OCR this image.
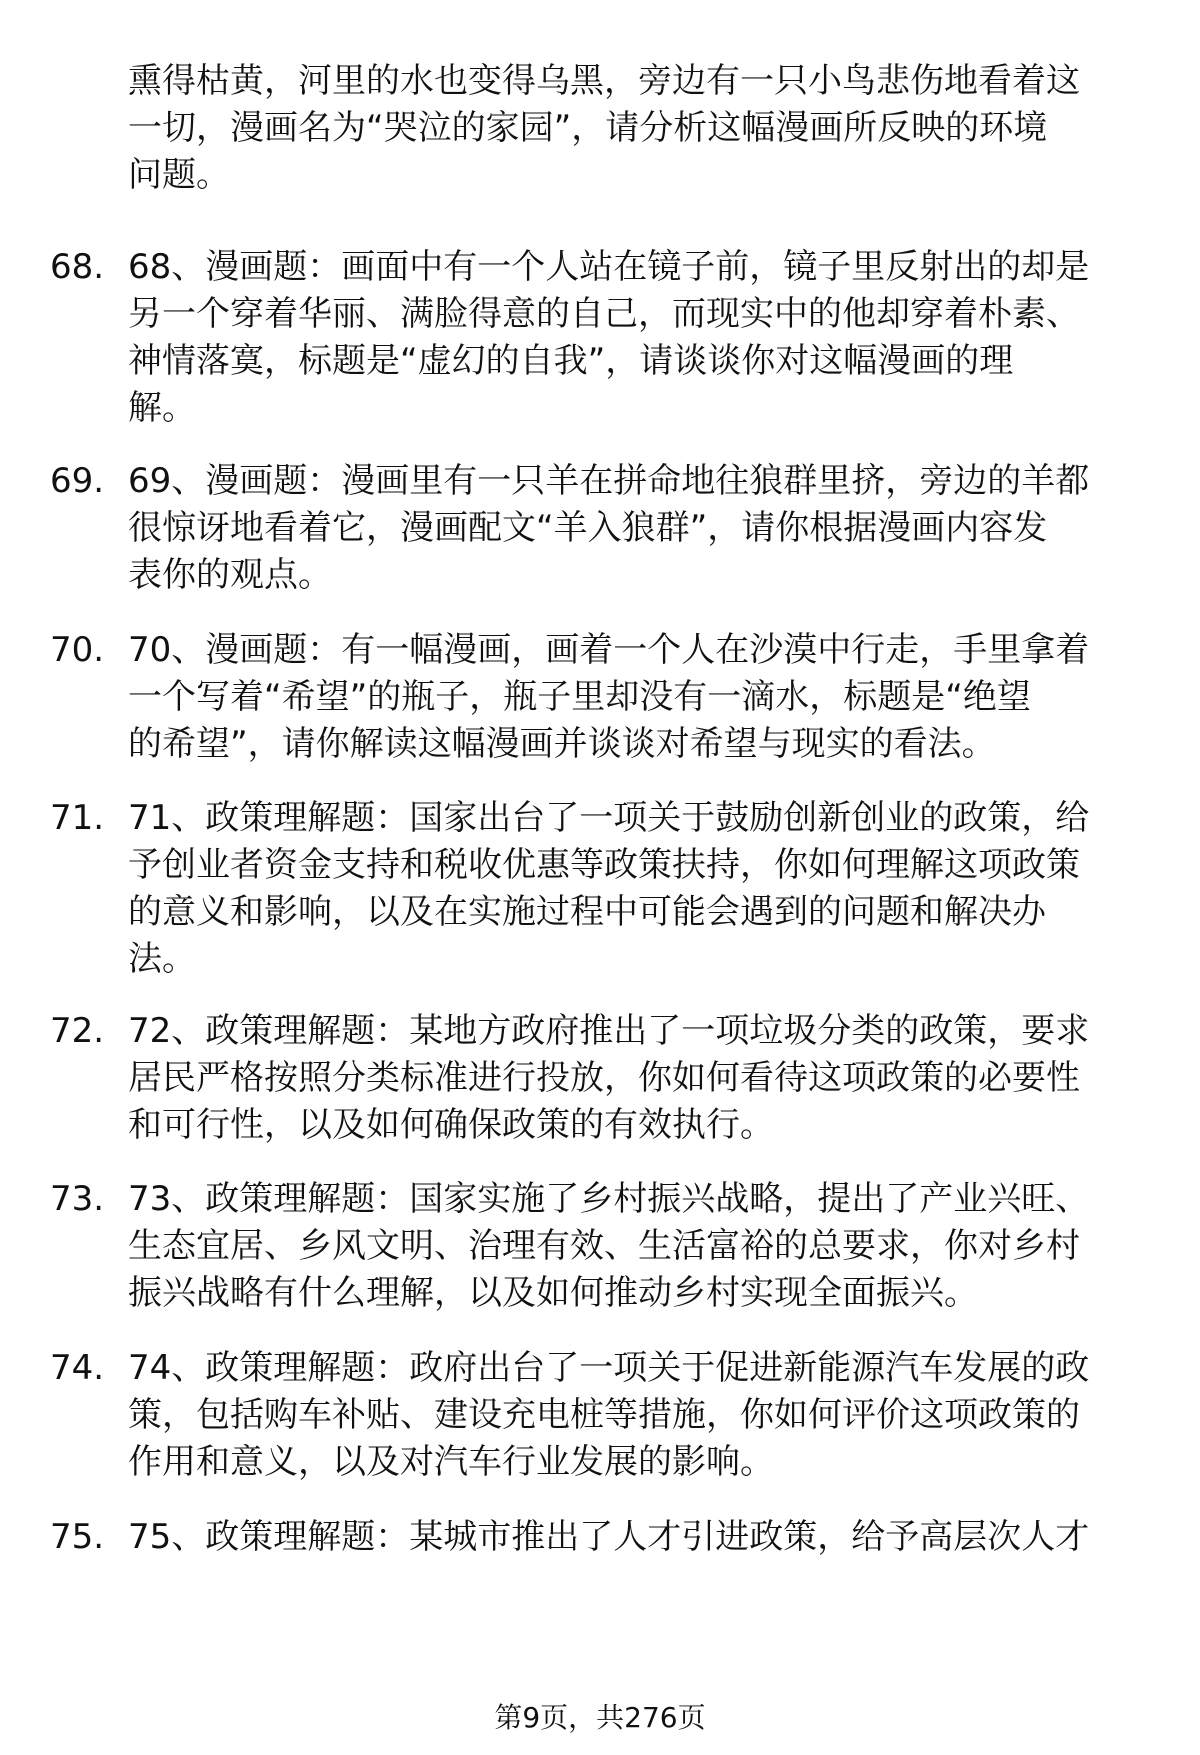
熏得枯黄，河里的水也变得乌黑，旁边有一只小鸟悲伤地看着这
一切，漫画名为“哭泣的家园”，请分析这幅漫画所反映的环境
问题。

68. 68、漫画题：画面中有一个人站在镜子前，镜子里反射出的却是
另一个穿着华丽、满脸得意的自己，而现实中的他却穿着朴素、
神情落寞，标题是“虚幻的自我”，请谈谈你对这幅漫画的理
解。

69. 69、漫画题：漫画里有一只羊在拼命地往狼群里挤，旁边的羊都
很惊讶地看着它，漫画配文“羊入狼群”，请你根据漫画内容发
表你的观点。

70. 70、漫画题：有一幅漫画，画着一个人在沙漠中行走，手里拿着
一个写着“希望”的瓶子，瓶子里却没有一滴水，标题是“绝望
的希望”，请你解读这幅漫画并谈谈对希望与现实的看法。

71. 71、政策理解题：国家出台了一项关于鼓励创新创业的政策，给
予创业者资金支持和税收优惠等政策扶持，你如何理解这项政策
的意义和影响，以及在实施过程中可能会遇到的问题和解决办
法。

72. 72、政策理解题：某地方政府推出了一项垃圾分类的政策，要求
居民严格按照分类标准进行投放，你如何看待这项政策的必要性
和可行性，以及如何确保政策的有效执行。

73. 73、政策理解题：国家实施了乡村振兴战略，提出了产业兴旺、
生态宜居、乡风文明、治理有效、生活富裕的总要求，你对乡村
振兴战略有什么理解，以及如何推动乡村实现全面振兴。

74. 74、政策理解题：政府出台了一项关于促进新能源汽车发展的政
策，包括购车补贴、建设充电桩等措施，你如何评价这项政策的
作用和意义，以及对汽车行业发展的影响。

75. 75、政策理解题：某城市推出了人才引进政策，给予高层次人才

第9页，共276页
